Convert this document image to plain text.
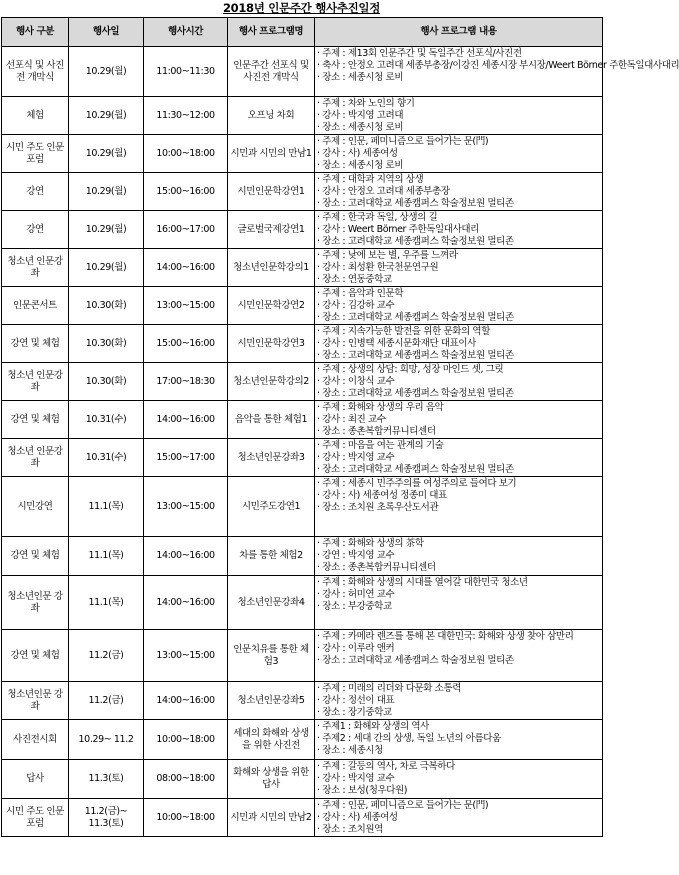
2018년 인문주간 행사추진일정
행사 구분	행사일	행사시간	행사 프로그램명	행사 프로그램 내용
선포식 및 사진전 개막식	10.29(월)	11:00~11:30	인문주간 선포식 및 사진전 개막식	· 주제 : 제13회 인문주간 및 독일주간 선포식/사진전
· 축사 : 안정오 고려대 세종부총장/이강진 세종시장 부시장/Weert Börner 주한독일대사대리
· 장소 : 세종시청 로비

체험	10.29(월)	11:30~12:00	오프닝 차회	· 주제 : 차와 노인의 향기
· 강사 : 박지영 고려대
· 장소 : 세종시청 로비

시민 주도 인문 포럼	10.29(월)	10:00~18:00	시민과 시민의 만남1	· 주제 : 인문, 페미니즘으로 들어가는 문(門)
· 강사 : 사) 세종여성
· 장소 : 세종시청 로비

강연	10.29(월)	15:00~16:00	시민인문학강연1	· 주제 : 대학과 지역의 상생
· 강사 : 안정오 고려대 세종부총장
· 장소 : 고려대학교 세종캠퍼스 학술정보원 멀티존

강연	10.29(월)	16:00~17:00	글로벌국제강연1	· 주제 : 한국과 독일, 상생의 길
· 강사 : Weert Börner 주한독일대사대리
· 장소 : 고려대학교 세종캠퍼스 학술정보원 멀티존

청소년 인문강좌	10.29(월)	14:00~16:00	청소년인문학강의1	· 주제 : 낮에 보는 별, 우주를 느껴라
· 강사 : 최성환 한국천문연구원
· 장소 : 연동중학교

인문콘서트	10.30(화)	13:00~15:00	시민인문학강연2	· 주제 : 음악과 인문학
· 강사 : 김강하 교수
· 장소 : 고려대학교 세종캠퍼스 학술정보원 멀티존

강연 및 체험	10.30(화)	15:00~16:00	시민인문학강연3	· 주제 : 지속가능한 발전을 위한 문화의 역할
· 강사 : 인병택 세종시문화재단 대표이사
· 장소 : 고려대학교 세종캠퍼스 학술정보원 멀티존

청소년 인문강좌	10.30(화)	17:00~18:30	청소년인문학강의2	· 주제 : 상생의 상담: 희망, 성장 마인드 셋, 그릿
· 강사 : 이창식 교수
· 장소 : 고려대학교 세종캠퍼스 학술정보원 멀티존

강연 및 체험	10.31(수)	14:00~16:00	음악을 통한 체험1	· 주제 : 화해와 상생의 우리 음악
· 강사 : 최진 교수
· 장소 : 종촌복합커뮤니티센터

청소년 인문강좌	10.31(수)	15:00~17:00	청소년인문강좌3	· 주제 : 마음을 여는 관계의 기술
· 강사 : 박지영 교수
· 장소 : 고려대학교 세종캠퍼스 학술정보원 멀티존

시민강연	11.1(목)	13:00~15:00	시민주도강연1	· 주제 : 세종시 민주주의를 여성주의로 들여다 보기
· 강사 : 사) 세종여성 정종미 대표
· 장소 : 조치원 초록우산도서관

강연 및 체험	11.1(목)	14:00~16:00	차를 통한 체험2	· 주제 : 화해와 상생의 茶학
· 강연 : 박지영 교수
· 장소 : 종촌복합커뮤니티센터

청소년인문 강좌	11.1(목)	14:00~16:00	청소년인문강좌4	· 주제 : 화해와 상생의 시대를 열어갈 대한민국 청소년
· 강사 : 허미연 교수
· 장소 : 부강중학교

강연 및 체험	11.2(금)	13:00~15:00	인문치유를 통한 체험3	· 주제 : 카메라 렌즈를 통해 본 대한민국: 화해와 상생 찾아 삼만리
· 강사 : 이루라 앤커
· 장소 : 고려대학교 세종캠퍼스 학술정보원 멀티존

청소년인문 강좌	11.2(금)	14:00~16:00	청소년인문강좌5	· 주제 : 미래의 리더와 다문화 소통력
· 강사 : 정선이 대표
· 장소 : 장기중학교

사진전시회	10.29~ 11.2	10:00~18:00	세대의 화해와 상생을 위한 사진전	· 주제1 : 화해와 상생의 역사
· 주제2 : 세대 간의 상생, 독일 노년의 아름다움
· 장소 : 세종시청

답사	11.3(토)	08:00~18:00	화해와 상생을 위한 답사	· 주제 : 갈등의 역사, 차로 극복하다
· 강사 : 박지영 교수
· 장소 : 보성(청우다원)

시민 주도 인문 포럼	11.2(금)~ 11.3(토)	10:00~18:00	시민과 시민의 만남2	· 주제 : 인문, 페미니즘으로 들어가는 문(門)
· 강사 : 사) 세종여성
· 장소 : 조치원역
